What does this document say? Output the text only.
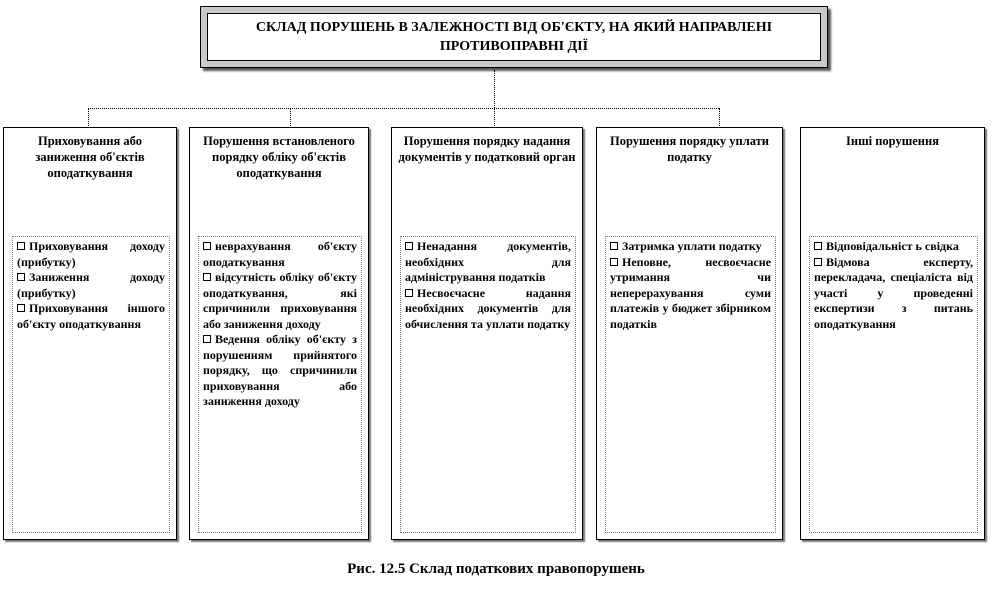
СКЛАД ПОРУШЕНЬ В ЗАЛЕЖНОСТІ ВІД ОБ'ЄКТУ, НА ЯКИЙ НАПРАВЛЕНІ ПРОТИВОПРАВНІ ДІЇ
Приховування або заниження об'єктів оподаткування

Приховування доходу (прибутку)

Заниження доходу (прибутку)

Приховування іншого об'єкту оподаткування

Порушення встановленого порядку обліку об'єктів оподаткування

неврахування об'єкту оподаткування

відсутність обліку об'єкту оподаткування, які спричинили приховування або заниження доходу

Ведення обліку об'єкту з порушенням прийнятого порядку, що спричинили приховування або заниження доходу

Порушення порядку надання документів у податковий орган

Ненадання документів, необхідних для адміністрування податків

Несвоєчасне надання необхідних документів для обчислення та уплати податку

Порушення порядку уплати податку

Затримка уплати податку

Неповне, несвоєчасне утримання чи неперерахування суми платежів у бюджет збірником податків

Інші порушення

Відповідальніст ь свідка

Відмова експерту, перекладача, спеціаліста від участі у проведенні експертизи з питань оподаткування

Рис. 12.5 Склад податкових правопорушень
